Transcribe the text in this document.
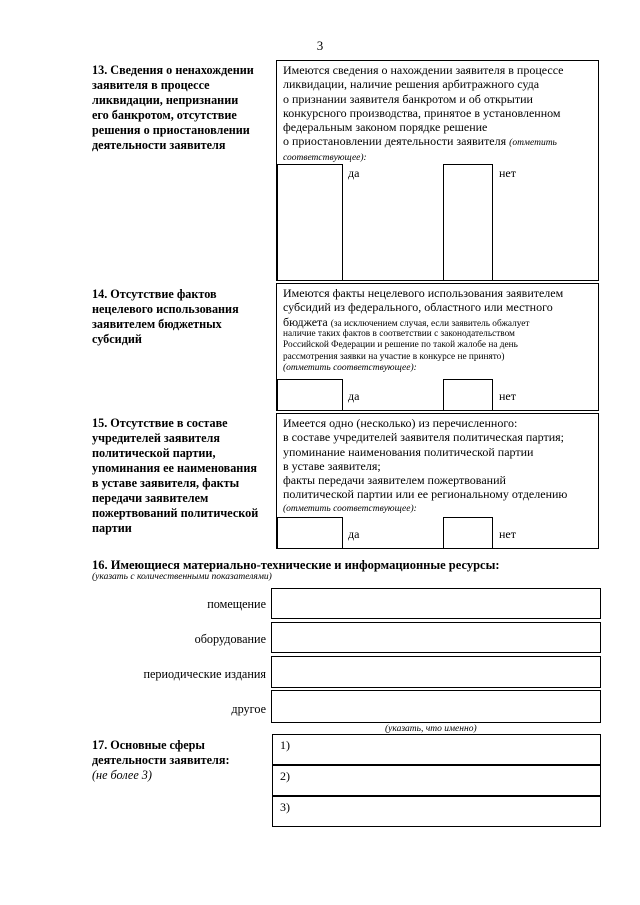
3
13. Сведения о ненахождении
заявителя в процессе
ликвидации, непризнании
его банкротом, отсутствие
решения о приостановлении
деятельности заявителя
Имеются сведения о нахождении заявителя в процессе
ликвидации, наличие решения арбитражного суда
о признании заявителя банкротом и об открытии
конкурсного производства, принятое в установленном
федеральным законом порядке решение
о приостановлении деятельности заявителя (отметить
соответствующее):
да	нет
14. Отсутствие фактов
нецелевого использования
заявителем бюджетных
субсидий
Имеются факты нецелевого использования заявителем
субсидий из федерального, областного или местного
бюджета (за исключением случая, если заявитель обжалует
наличие таких фактов в соответствии с законодательством
Российской Федерации и решение по такой жалобе на день
рассмотрения заявки на участие в конкурсе не принято)
(отметить соответствующее):
да	нет
15. Отсутствие в составе
учредителей заявителя
политической партии,
упоминания ее наименования
в уставе заявителя, факты
передачи заявителем
пожертвований политической
партии
Имеется одно (несколько) из перечисленного:
в составе учредителей заявителя политическая партия;
упоминание наименования политической партии
в уставе заявителя;
факты передачи заявителем пожертвований
политической партии или ее региональному отделению
(отметить соответствующее):
да	нет
16. Имеющиеся материально-технические и информационные ресурсы:
(указать с количественными показателями)
помещение
оборудование
периодические издания
другое
(указать, что именно)
17. Основные сферы
деятельности заявителя:
(не более 3)
1)
2)
3)
